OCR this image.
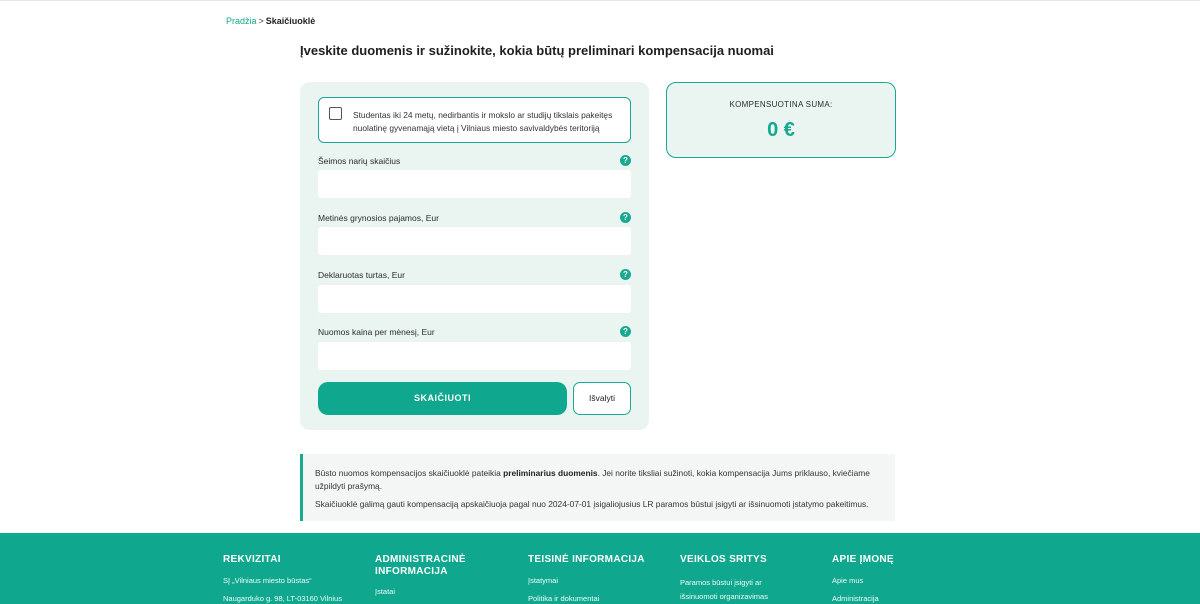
Pradžia > Skaičiuoklė
Įveskite duomenis ir sužinokite, kokia būtų preliminari kompensacija nuomai
Studentas iki 24 metų, nedirbantis ir mokslo ar studijų tikslais pakeitęs nuolatinę gyvenamąją vietą į Vilniaus miesto savivaldybės teritoriją
Šeimos narių skaičius	?
Metinės grynosios pajamos, Eur	?
Deklaruotas turtas, Eur	?
Nuomos kaina per mėnesį, Eur	?
SKAIČIUOTI	Išvalyti
KOMPENSUOTINA SUMA:
0 €

Būsto nuomos kompensacijos skaičiuoklė pateikia preliminarius duomenis. Jei norite tiksliai sužinoti, kokia kompensacija Jums priklauso, kviečiame užpildyti prašymą.

Skaičiuoklė galimą gauti kompensaciją apskaičiuoja pagal nuo 2024-07-01 įsigaliojusius LR paramos būstui įsigyti ar išsinuomoti įstatymo pakeitimus.

REKVIZITAI
SĮ „Vilniaus miesto būstas“
Naugarduko g. 98, LT-03160 Vilnius
ADMINISTRACINĖ INFORMACIJA
Įstatai
TEISINĖ INFORMACIJA
Įstatymai
Politika ir dokumentai
VEIKLOS SRITYS
Paramos būstui įsigyti ar išsinuomoti organizavimas
APIE ĮMONĘ
Apie mus
Administracija
